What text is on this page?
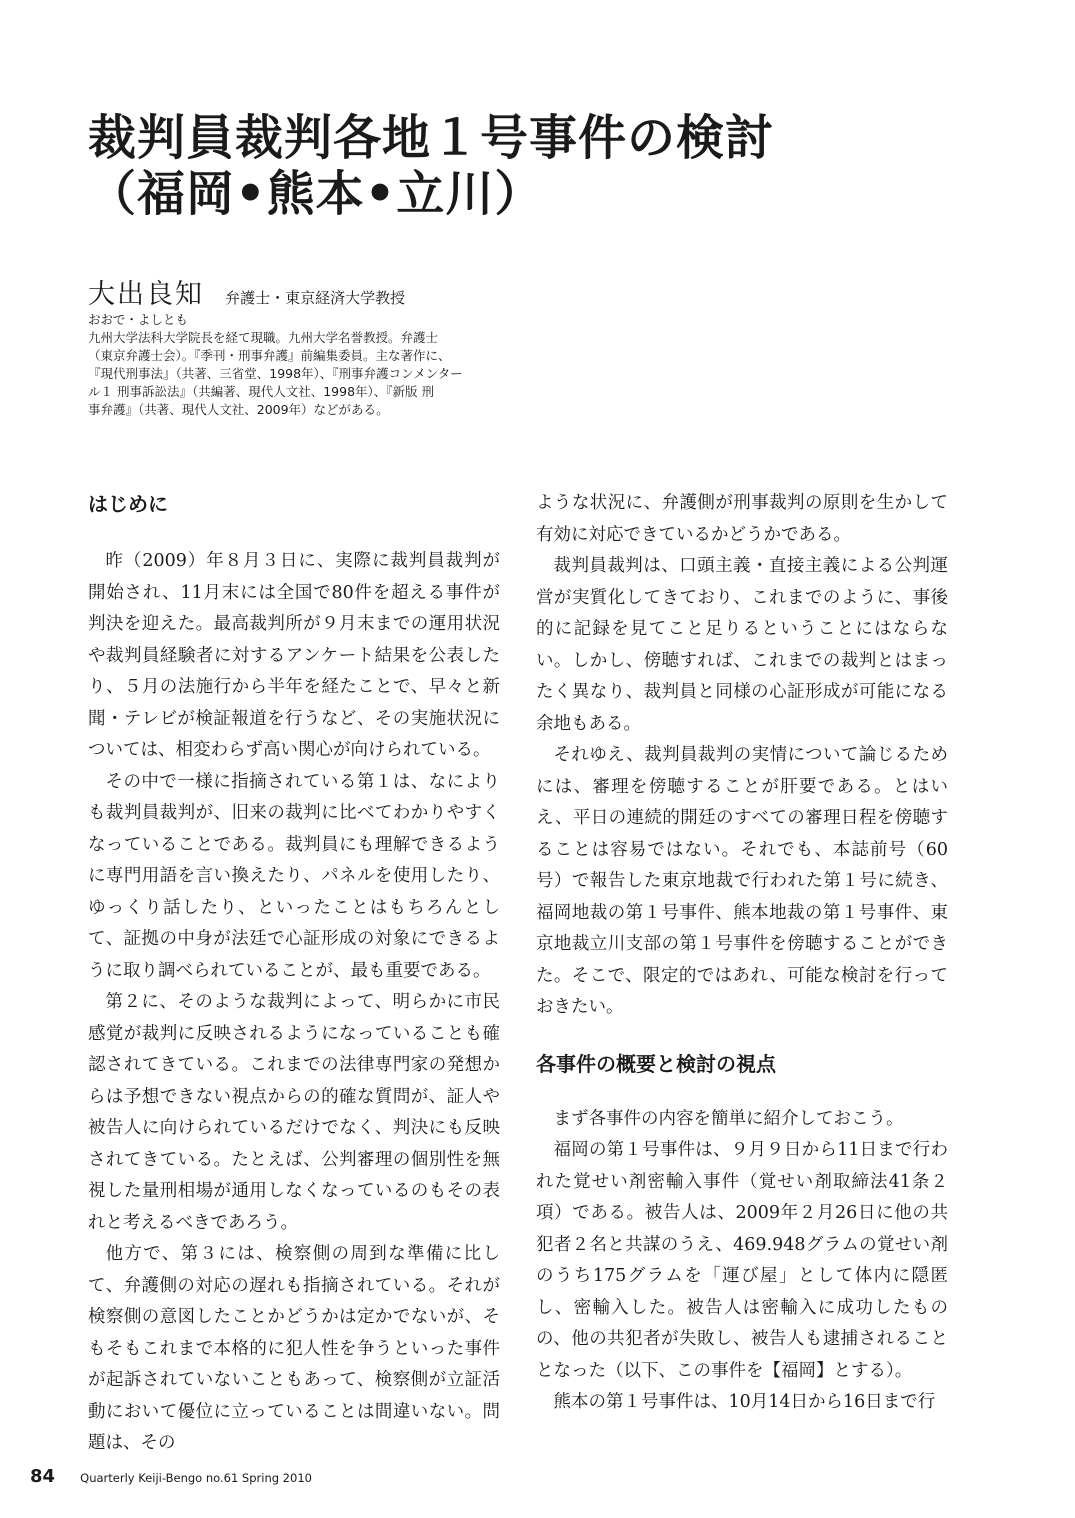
裁判員裁判各地１号事件の検討
（福岡•熊本•立川）
大出良知 弁護士・東京経済大学教授

おおで・よしとも

九州大学法科大学院長を経て現職。九州大学名誉教授。弁護士

（東京弁護士会）。『季刊・刑事弁護』前編集委員。主な著作に、

『現代刑事法』（共著、三省堂、1998年）、『刑事弁護コンメンター

ル１ 刑事訴訟法』（共編著、現代人文社、1998年）、『新版 刑

事弁護』（共著、現代人文社、2009年）などがある。

はじめに

昨（2009）年８月３日に、実際に裁判員裁判が開始され、11月末には全国で80件を超える事件が判決を迎えた。最高裁判所が９月末までの運用状況や裁判員経験者に対するアンケート結果を公表したり、５月の法施行から半年を経たことで、早々と新聞・テレビが検証報道を行うなど、その実施状況については、相変わらず高い関心が向けられている。

その中で一様に指摘されている第１は、なによりも裁判員裁判が、旧来の裁判に比べてわかりやすくなっていることである。裁判員にも理解できるように専門用語を言い換えたり、パネルを使用したり、ゆっくり話したり、といったことはもちろんとして、証拠の中身が法廷で心証形成の対象にできるように取り調べられていることが、最も重要である。

第２に、そのような裁判によって、明らかに市民感覚が裁判に反映されるようになっていることも確認されてきている。これまでの法律専門家の発想からは予想できない視点からの的確な質問が、証人や被告人に向けられているだけでなく、判決にも反映されてきている。たとえば、公判審理の個別性を無視した量刑相場が通用しなくなっているのもその表れと考えるべきであろう。

他方で、第３には、検察側の周到な準備に比して、弁護側の対応の遅れも指摘されている。それが検察側の意図したことかどうかは定かでないが、そもそもこれまで本格的に犯人性を争うといった事件が起訴されていないこともあって、検察側が立証活動において優位に立っていることは間違いない。問題は、その

ような状況に、弁護側が刑事裁判の原則を生かして有効に対応できているかどうかである。

裁判員裁判は、口頭主義・直接主義による公判運営が実質化してきており、これまでのように、事後的に記録を見てこと足りるということにはならない。しかし、傍聴すれば、これまでの裁判とはまったく異なり、裁判員と同様の心証形成が可能になる余地もある。

それゆえ、裁判員裁判の実情について論じるためには、審理を傍聴することが肝要である。とはいえ、平日の連続的開廷のすべての審理日程を傍聴することは容易ではない。それでも、本誌前号（60号）で報告した東京地裁で行われた第１号に続き、福岡地裁の第１号事件、熊本地裁の第１号事件、東京地裁立川支部の第１号事件を傍聴することができた。そこで、限定的ではあれ、可能な検討を行っておきたい。

各事件の概要と検討の視点

まず各事件の内容を簡単に紹介しておこう。

福岡の第１号事件は、９月９日から11日まで行われた覚せい剤密輸入事件（覚せい剤取締法41条２項）である。被告人は、2009年２月26日に他の共犯者２名と共謀のうえ、469.948グラムの覚せい剤のうち175グラムを「運び屋」として体内に隠匿し、密輸入した。被告人は密輸入に成功したものの、他の共犯者が失敗し、被告人も逮捕されることとなった（以下、この事件を【福岡】とする）。

熊本の第１号事件は、10月14日から16日まで行

84 Quarterly Keiji-Bengo no.61 Spring 2010
